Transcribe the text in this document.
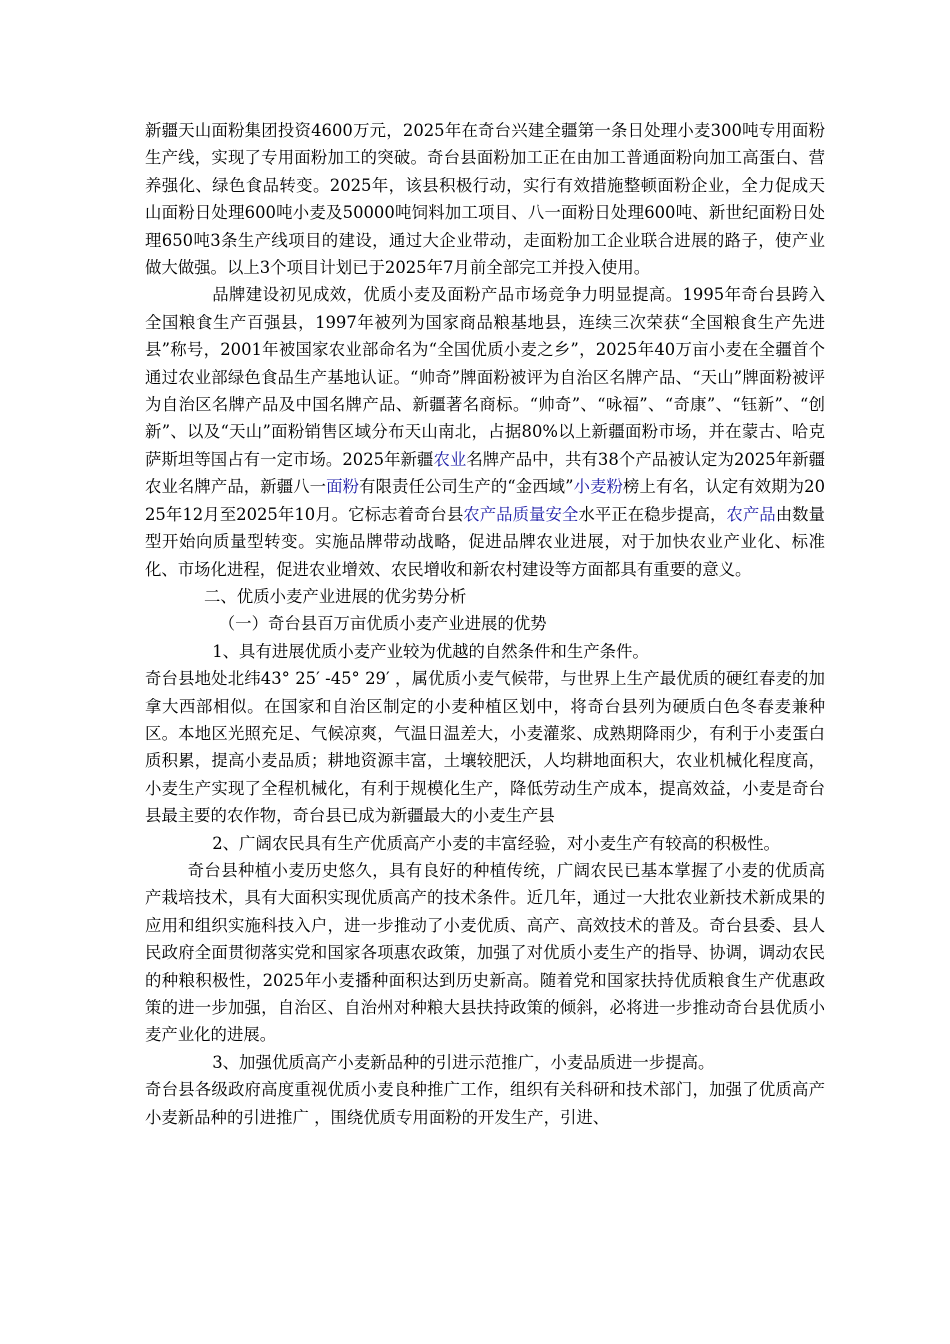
新疆天山面粉集团投资4600万元，2025年在奇台兴建全疆第一条日处理小麦300吨专用面粉生产线，实现了专用面粉加工的突破。奇台县面粉加工正在由加工普通面粉向加工高蛋白、营养强化、绿色食品转变。2025年，该县积极行动，实行有效措施整顿面粉企业，全力促成天山面粉日处理600吨小麦及50000吨饲料加工项目、八一面粉日处理600吨、新世纪面粉日处理650吨3条生产线项目的建设，通过大企业带动，走面粉加工企业联合进展的路子，使产业做大做强。以上3个项目计划已于2025年7月前全部完工并投入使用。

品牌建设初见成效，优质小麦及面粉产品市场竞争力明显提高。1995年奇台县跨入全国粮食生产百强县，1997年被列为国家商品粮基地县，连续三次荣获“全国粮食生产先进县”称号，2001年被国家农业部命名为“全国优质小麦之乡”，2025年40万亩小麦在全疆首个通过农业部绿色食品生产基地认证。“帅奇”牌面粉被评为自治区名牌产品、“天山”牌面粉被评为自治区名牌产品及中国名牌产品、新疆著名商标。“帅奇”、“咏福”、“奇康”、“钰新”、“创新”、以及“天山”面粉销售区域分布天山南北，占据80%以上新疆面粉市场，并在蒙古、哈克萨斯坦等国占有一定市场。2025年新疆农业名牌产品中，共有38个产品被认定为2025年新疆农业名牌产品，新疆八一面粉有限责任公司生产的“金西域”小麦粉榜上有名，认定有效期为2025年12月至2025年10月。它标志着奇台县农产品质量安全水平正在稳步提高，农产品由数量型开始向质量型转变。实施品牌带动战略，促进品牌农业进展，对于加快农业产业化、标准化、市场化进程，促进农业增效、农民增收和新农村建设等方面都具有重要的意义。

二、优质小麦产业进展的优劣势分析

（一）奇台县百万亩优质小麦产业进展的优势

1、具有进展优质小麦产业较为优越的自然条件和生产条件。

奇台县地处北纬43° 25′ -45° 29′ ，属优质小麦气候带，与世界上生产最优质的硬红春麦的加拿大西部相似。在国家和自治区制定的小麦种植区划中，将奇台县列为硬质白色冬春麦兼种区。本地区光照充足、气候凉爽，气温日温差大，小麦灌浆、成熟期降雨少，有利于小麦蛋白质积累，提高小麦品质；耕地资源丰富，土壤较肥沃，人均耕地面积大，农业机械化程度高，小麦生产实现了全程机械化，有利于规模化生产，降低劳动生产成本，提高效益，小麦是奇台县最主要的农作物，奇台县已成为新疆最大的小麦生产县

2、广阔农民具有生产优质高产小麦的丰富经验，对小麦生产有较高的积极性。

奇台县种植小麦历史悠久，具有良好的种植传统，广阔农民已基本掌握了小麦的优质高产栽培技术，具有大面积实现优质高产的技术条件。近几年，通过一大批农业新技术新成果的应用和组织实施科技入户，进一步推动了小麦优质、高产、高效技术的普及。奇台县委、县人民政府全面贯彻落实党和国家各项惠农政策，加强了对优质小麦生产的指导、协调，调动农民的种粮积极性，2025年小麦播种面积达到历史新高。随着党和国家扶持优质粮食生产优惠政策的进一步加强，自治区、自治州对种粮大县扶持政策的倾斜，必将进一步推动奇台县优质小麦产业化的进展。

3、加强优质高产小麦新品种的引进示范推广，小麦品质进一步提高。

奇台县各级政府高度重视优质小麦良种推广工作，组织有关科研和技术部门，加强了优质高产小麦新品种的引进推广 ，围绕优质专用面粉的开发生产，引进、
